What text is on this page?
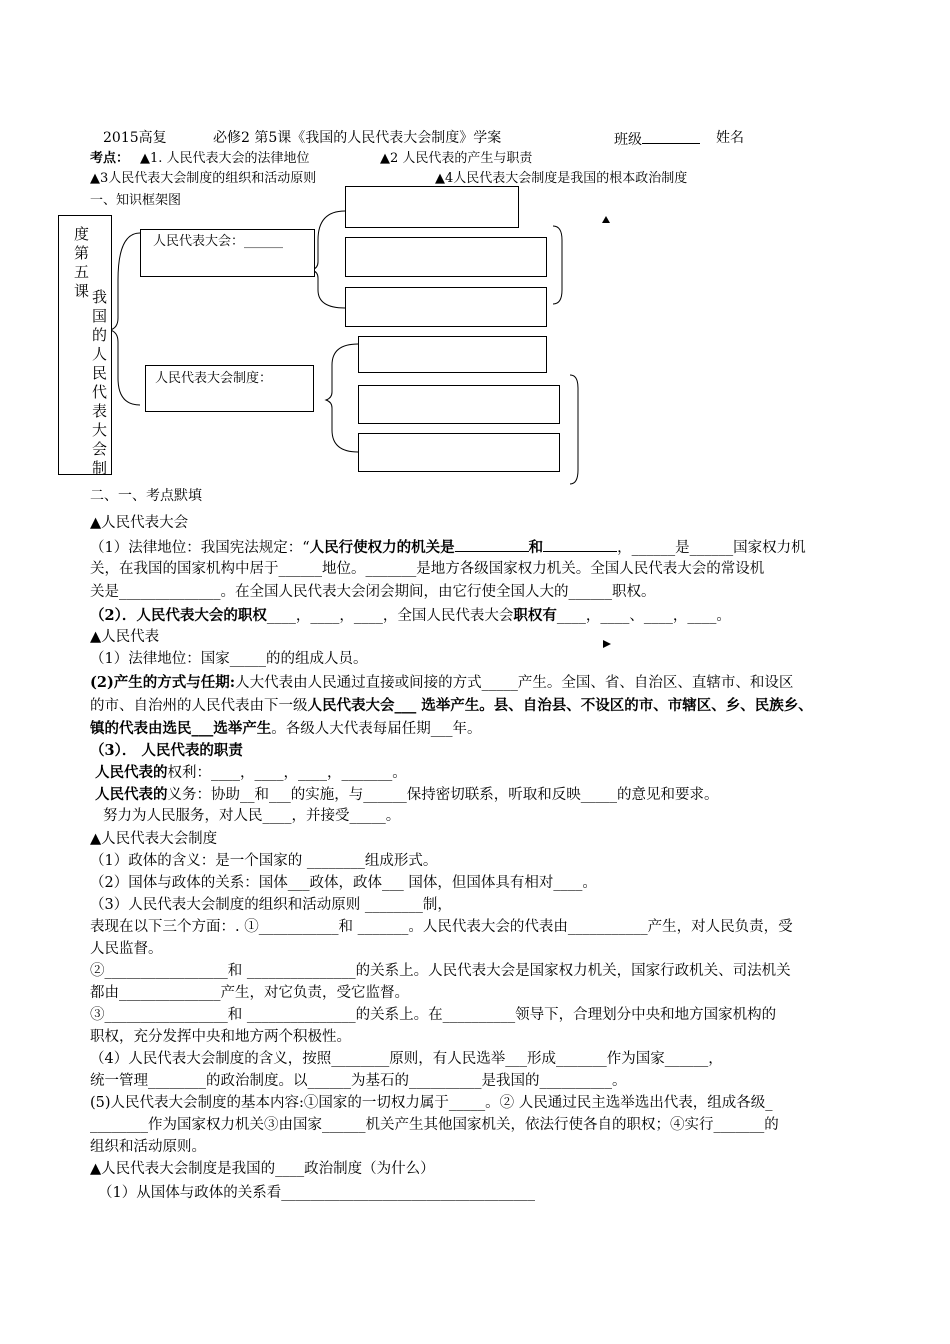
2015高复	必修2 第5课《我国的人民代表大会制度》学案	班级	姓名
考点： ▲1. 人民代表大会的法律地位	▲2 人民代表的产生与职责
▲3人民代表大会制度的组织和活动原则	▲4人民代表大会制度是我国的根本政治制度
一、知识框架图
度第五课 我国的人民代表大会制
人民代表大会：______
人民代表大会制度：
二、一、考点默填
▲人民代表大会
（1）法律地位：我国宪法规定：“人民行使权力的机关是	和	，______是______国家权力机
关，在我国的国家机构中居于______地位。_______是地方各级国家权力机关。全国人民代表大会的常设机
关是______________。在全国人民代表大会闭会期间，由它行使全国人大的______职权。
（2）．人民代表大会的职权____，____，____，全国人民代表大会职权有____，____、____，____。
▲人民代表
（1）法律地位：国家_____的的组成人员。
(2)产生的方式与任期:人大代表由人民通过直接或间接的方式_____产生。全国、省、自治区、直辖市、和设区
的市、自治州的人民代表由下一级人民代表大会___ 选举产生。县、自治县、不设区的市、市辖区、乡、民族乡、
镇的代表由选民___选举产生。各级人大代表每届任期___年。
（3）． 人民代表的职责
人民代表的权利：____，____，____，_______。
人民代表的义务：协助__和___的实施，与______保持密切联系，听取和反映_____的意见和要求。
努力为人民服务，对人民____，并接受_____。
▲人民代表大会制度
（1）政体的含义：是一个国家的 ________组成形式。
（2）国体与政体的关系：国体___政体，政体___ 国体，但国体具有相对____。
（3）人民代表大会制度的组织和活动原则 ________制，
表现在以下三个方面：. ①___________和 _______。人民代表大会的代表由___________产生，对人民负责，受
人民监督。
②_________________和 _______________的关系上。人民代表大会是国家权力机关，国家行政机关、司法机关
都由______________产生，对它负责，受它监督。
③_________________和 _______________的关系上。在__________领导下，合理划分中央和地方国家机构的
职权，充分发挥中央和地方两个积极性。
（4）人民代表大会制度的含义，按照________原则，有人民选举___形成_______作为国家______，
统一管理________的政治制度。以______为基石的__________是我国的__________。
(5)人民代表大会制度的基本内容:①国家的一切权力属于_____。② 人民通过民主选举选出代表，组成各级_
________作为国家权力机关③由国家______机关产生其他国家机关，依法行使各自的职权；④实行_______的
组织和活动原则。
▲人民代表大会制度是我国的____政治制度（为什么）
（1）从国体与政体的关系看___________________________________
